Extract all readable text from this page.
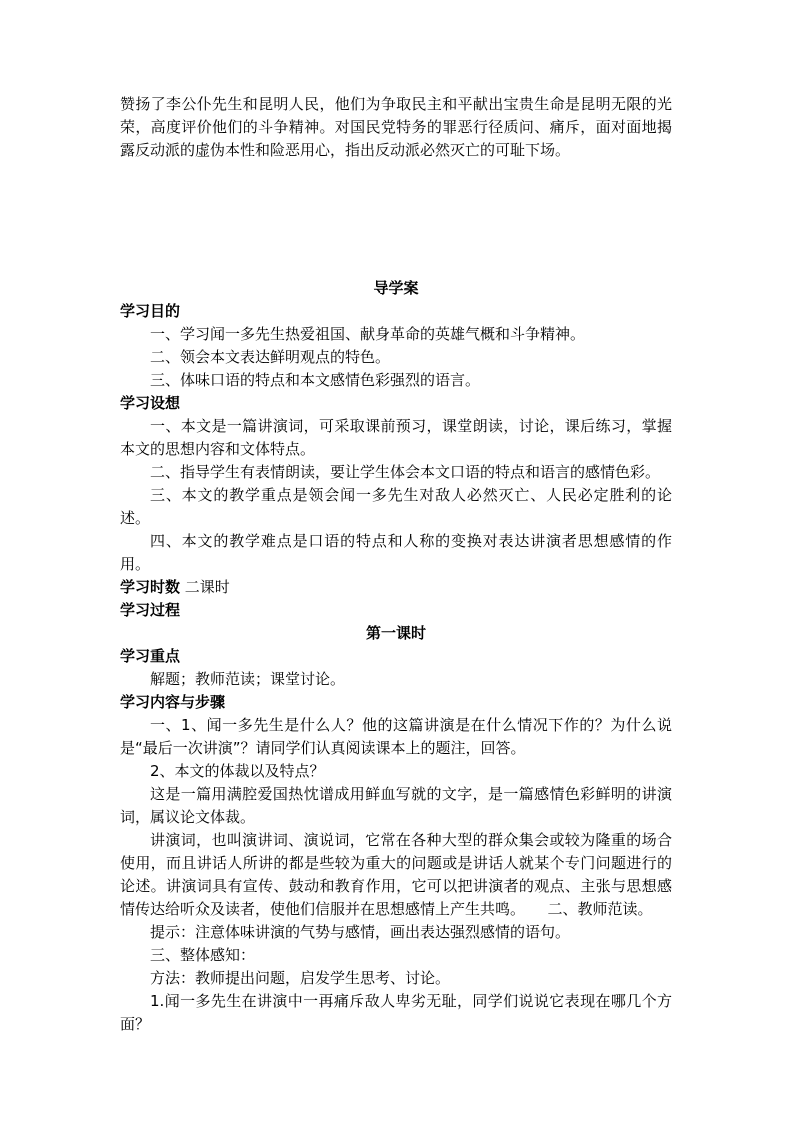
赞扬了李公仆先生和昆明人民，他们为争取民主和平献出宝贵生命是昆明无限的光荣，高度评价他们的斗争精神。对国民党特务的罪恶行径质问、痛斥，面对面地揭露反动派的虚伪本性和险恶用心，指出反动派必然灭亡的可耻下场。

导学案

学习目的

一、学习闻一多先生热爱祖国、献身革命的英雄气概和斗争精神。

二、领会本文表达鲜明观点的特色。

三、体味口语的特点和本文感情色彩强烈的语言。

学习设想

一、本文是一篇讲演词，可采取课前预习，课堂朗读，讨论，课后练习，掌握本文的思想内容和文体特点。

二、指导学生有表情朗读，要让学生体会本文口语的特点和语言的感情色彩。

三、本文的教学重点是领会闻一多先生对敌人必然灭亡、人民必定胜利的论述。

四、本文的教学难点是口语的特点和人称的变换对表达讲演者思想感情的作用。

学习时数 二课时

学习过程

第一课时

学习重点

解题；教师范读；课堂讨论。

学习内容与步骤

一、1、闻一多先生是什么人？他的这篇讲演是在什么情况下作的？为什么说是“最后一次讲演”？请同学们认真阅读课本上的题注，回答。

2、本文的体裁以及特点？

这是一篇用满腔爱国热忱谱成用鲜血写就的文字，是一篇感情色彩鲜明的讲演词，属议论文体裁。

讲演词，也叫演讲词、演说词，它常在各种大型的群众集会或较为隆重的场合使用，而且讲话人所讲的都是些较为重大的问题或是讲话人就某个专门问题进行的论述。讲演词具有宣传、鼓动和教育作用，它可以把讲演者的观点、主张与思想感情传达给听众及读者，使他们信服并在思想感情上产生共鸣。　　二、教师范读。

提示：注意体味讲演的气势与感情，画出表达强烈感情的语句。

三、整体感知：

方法：教师提出问题，启发学生思考、讨论。

1.闻一多先生在讲演中一再痛斥敌人卑劣无耻，同学们说说它表现在哪几个方面？
